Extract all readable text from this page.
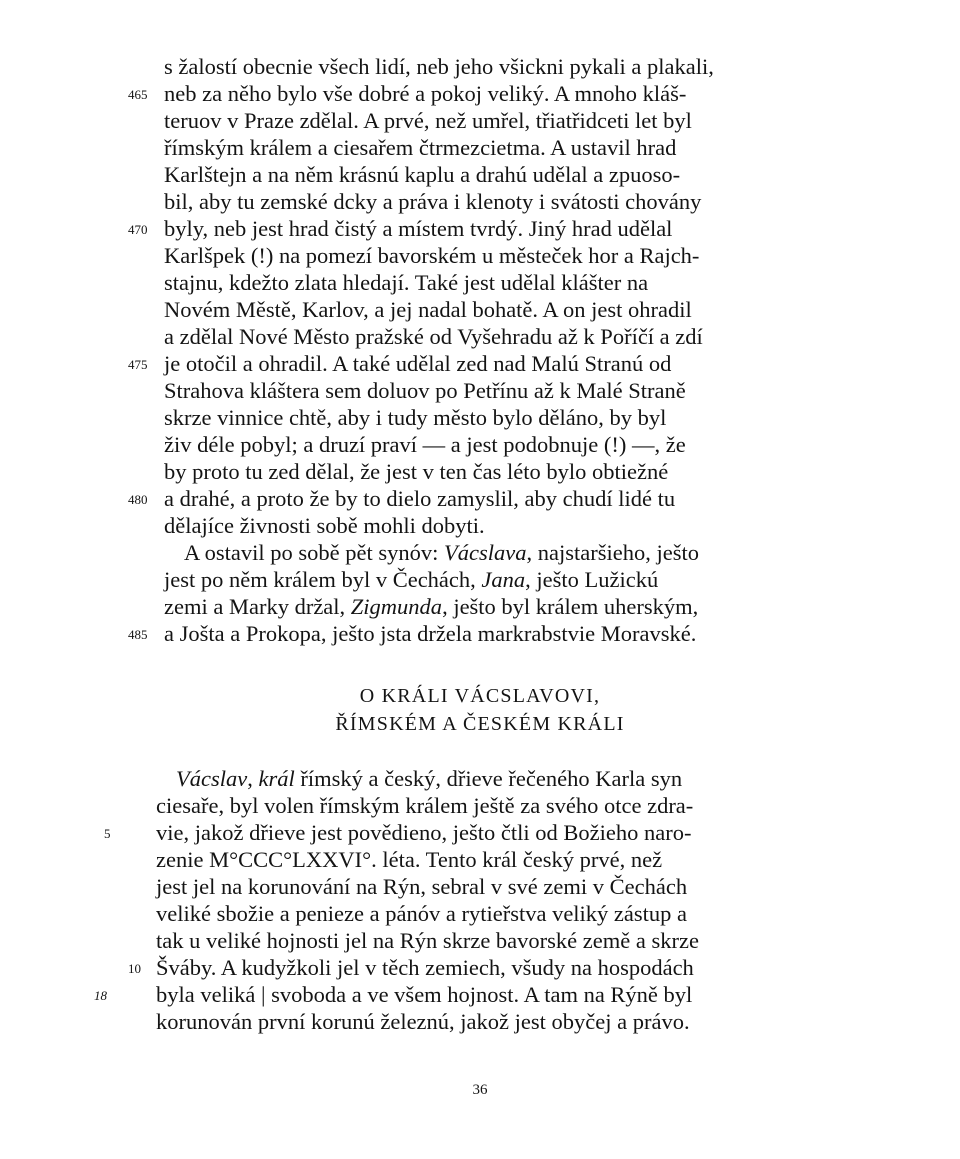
s žalostí obecnie všech lidí, neb jeho všickni pykali a plakali,
neb za něho bylo vše dobré a pokoj veliký. A mnoho kláš-
teruov v Praze zdělal. A prvé, než umřel, třiatřidceti let byl
římským králem a ciesařem čtrmezcietma. A ustavil hrad
Karlštejn a na něm krásnú kaplu a drahú udělal a zpuoso-
bil, aby tu zemské dcky a práva i klenoty i svátosti chovány
byly, neb jest hrad čistý a místem tvrdý. Jiný hrad udělal
Karlšpek (!) na pomezí bavorském u městeček hor a Rajch-
stajnu, kdežto zlata hledají. Také jest udělal klášter na
Novém Městě, Karlov, a jej nadal bohatě. A on jest ohradil
a zdělal Nové Město pražské od Vyšehradu až k Poříčí a zdí
je otočil a ohradil. A také udělal zed nad Malú Stranú od
Strahova kláštera sem doluov po Petřínu až k Malé Straně
skrze vinnice chtě, aby i tudy město bylo děláno, by byl
živ déle pobyl; a druzí praví — a jest podobnuje (!) —, že
by proto tu zed dělal, že jest v ten čas léto bylo obtiežné
a drahé, a proto že by to dielo zamyslil, aby chudí lidé tu
dělajíce živnosti sobě mohli dobyti.
A ostavil po sobě pět synóv: Vácslava, najstaršieho, ješto
jest po něm králem byl v Čechách, Jana, ješto Lužickú
zemi a Marky držal, Zigmunda, ješto byl králem uherským,
a Jošta a Prokopa, ješto jsta držela markrabstvie Moravské.
465
470
475
480
485
O KRÁLI VÁCSLAVOVI,
ŘÍMSKÉM A ČESKÉM KRÁLI
Vácslav, král římský a český, dřieve řečeného Karla syn
ciesaře, byl volen římským králem ještě za svého otce zdra-
vie, jakož dřieve jest povědieno, ješto čtli od Božieho naro-
zenie M°CCC°LXXVI°. léta. Tento král český prvé, než
jest jel na korunování na Rýn, sebral v své zemi v Čechách
veliké sbožie a penieze a pánóv a rytieřstva veliký zástup a
tak u veliké hojnosti jel na Rýn skrze bavorské země a skrze
Šváby. A kudyžkoli jel v těch zemiech, všudy na hospodách
byla veliká | svoboda a ve všem hojnost. A tam na Rýně byl
korunován první korunú železnú, jakož jest obyčej a právo.
5
10
18
36
